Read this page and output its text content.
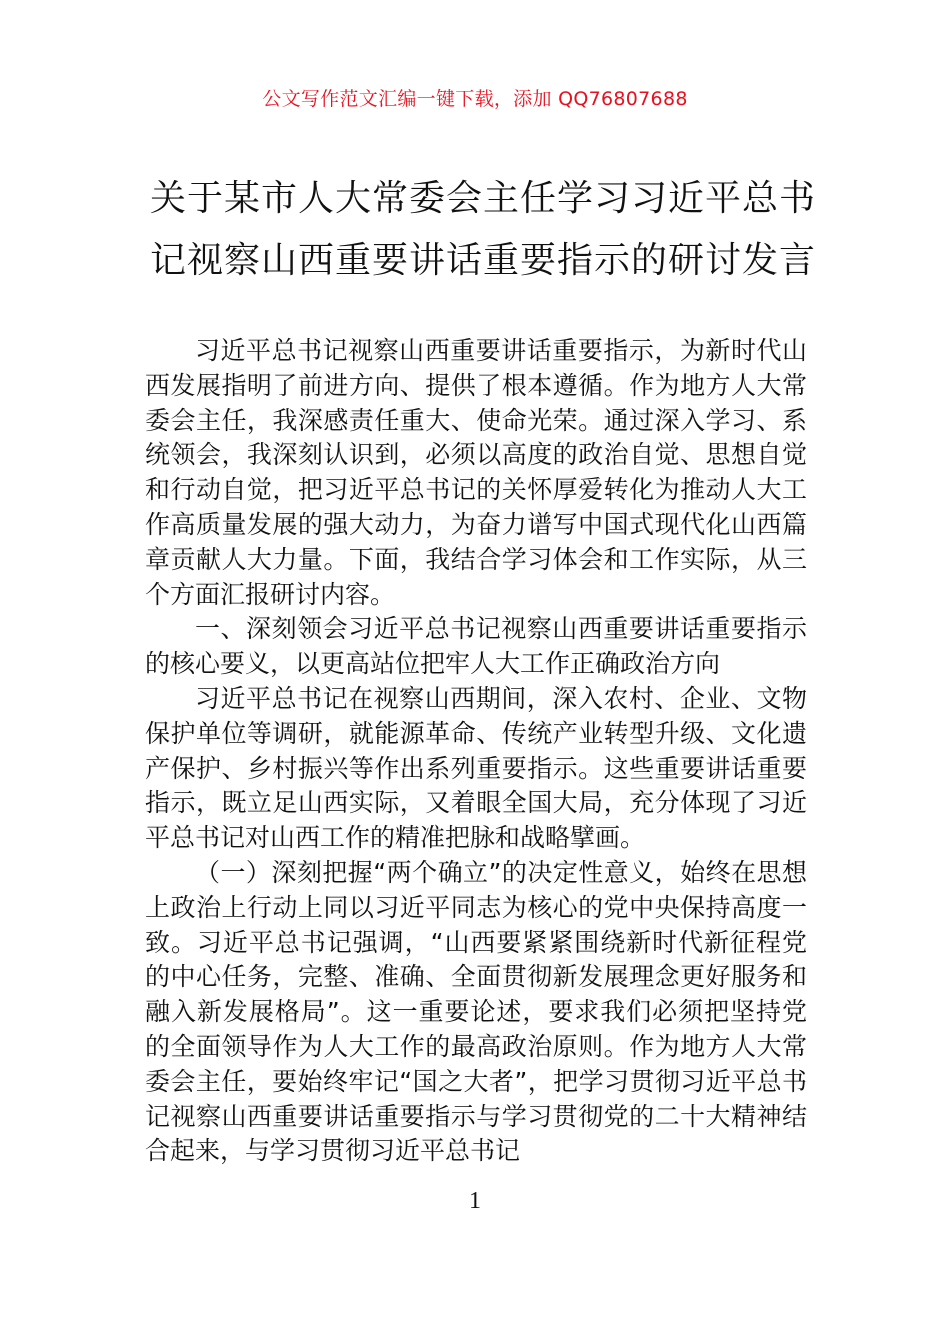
公文写作范文汇编一键下载，添加 QQ76807688
关于某市人大常委会主任学习习近平总书
记视察山西重要讲话重要指示的研讨发言

习近平总书记视察山西重要讲话重要指示，为新时代山西发展指明了前进方向、提供了根本遵循。作为地方人大常委会主任，我深感责任重大、使命光荣。通过深入学习、系统领会，我深刻认识到，必须以高度的政治自觉、思想自觉和行动自觉，把习近平总书记的关怀厚爱转化为推动人大工作高质量发展的强大动力，为奋力谱写中国式现代化山西篇章贡献人大力量。下面，我结合学习体会和工作实际，从三个方面汇报研讨内容。

一、深刻领会习近平总书记视察山西重要讲话重要指示的核心要义，以更高站位把牢人大工作正确政治方向

习近平总书记在视察山西期间，深入农村、企业、文物保护单位等调研，就能源革命、传统产业转型升级、文化遗产保护、乡村振兴等作出系列重要指示。这些重要讲话重要指示，既立足山西实际，又着眼全国大局，充分体现了习近平总书记对山西工作的精准把脉和战略擘画。

（一）深刻把握“两个确立”的决定性意义，始终在思想上政治上行动上同以习近平同志为核心的党中央保持高度一致。习近平总书记强调，“山西要紧紧围绕新时代新征程党的中心任务，完整、准确、全面贯彻新发展理念更好服务和融入新发展格局”。这一重要论述，要求我们必须把坚持党的全面领导作为人大工作的最高政治原则。作为地方人大常委会主任，要始终牢记“国之大者”，把学习贯彻习近平总书记视察山西重要讲话重要指示与学习贯彻党的二十大精神结合起来，与学习贯彻习近平总书记

1
